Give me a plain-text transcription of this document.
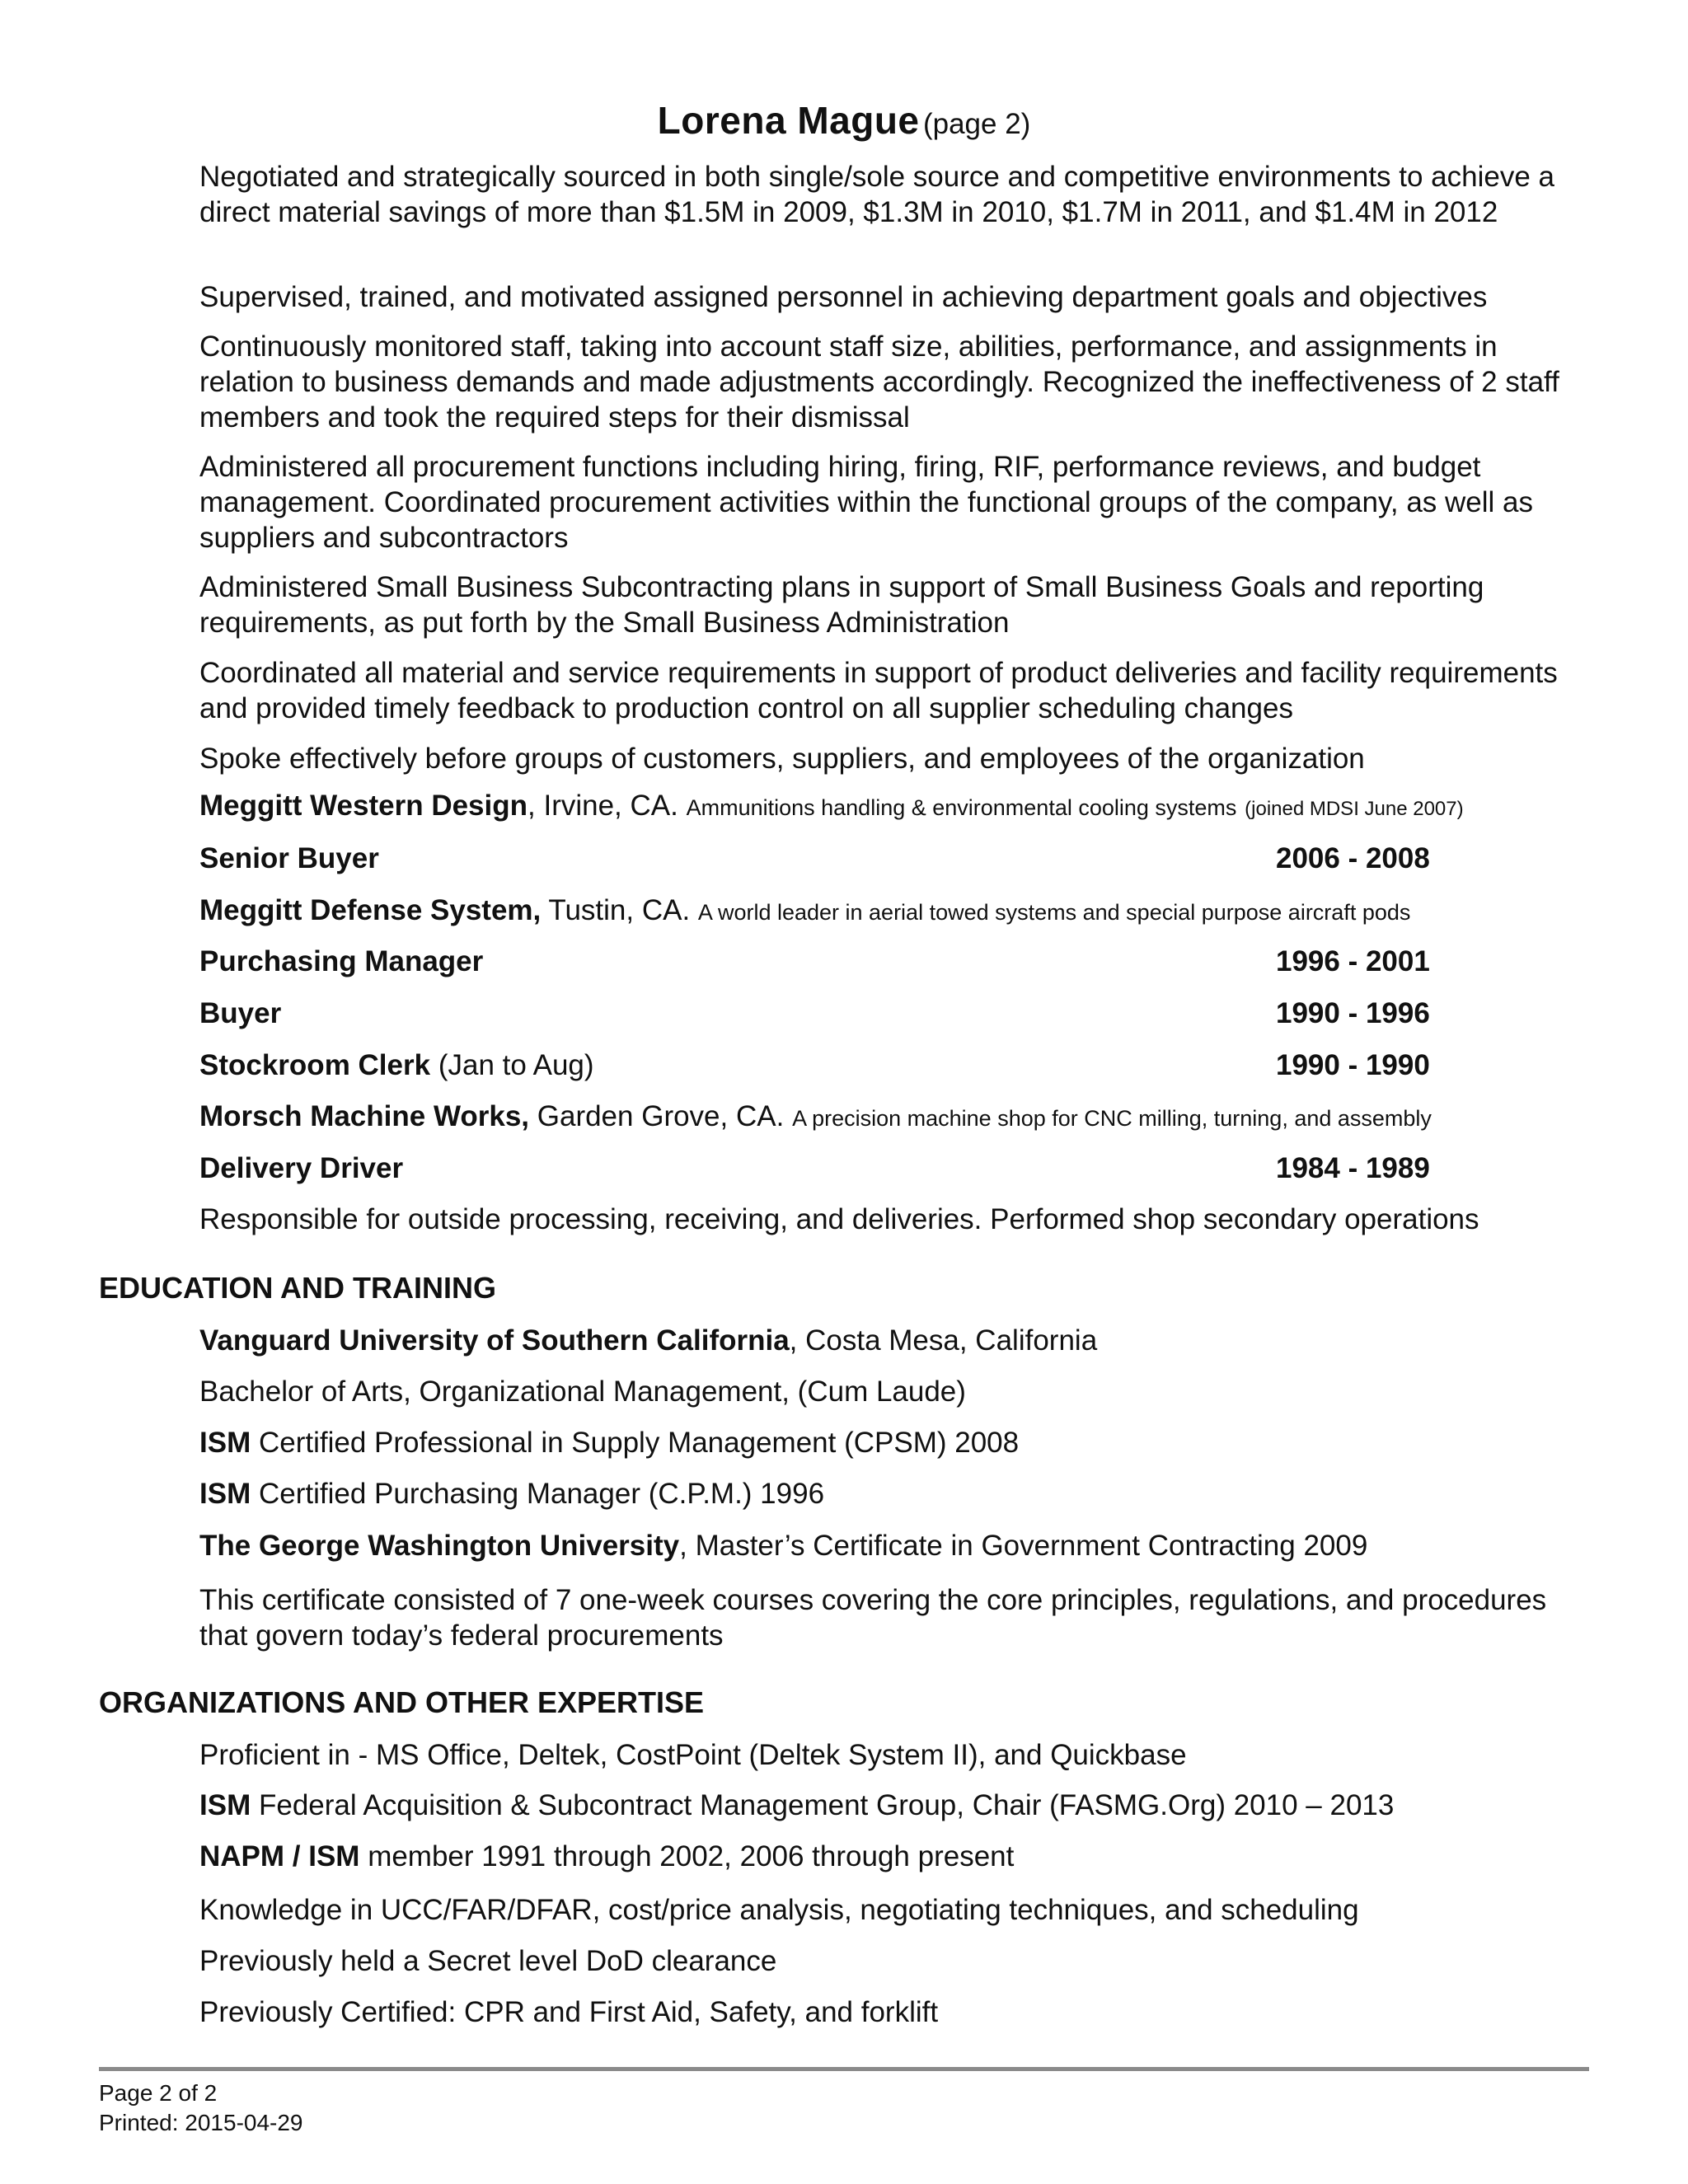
Lorena Mague (page 2)

Negotiated and strategically sourced in both single/sole source and competitive environments to achieve a direct material savings of more than $1.5M in 2009, $1.3M in 2010, $1.7M in 2011, and $1.4M in 2012

Supervised, trained, and motivated assigned personnel in achieving department goals and objectives

Continuously monitored staff, taking into account staff size, abilities, performance, and assignments in relation to business demands and made adjustments accordingly. Recognized the ineffectiveness of 2 staff members and took the required steps for their dismissal

Administered all procurement functions including hiring, firing, RIF, performance reviews, and budget management. Coordinated procurement activities within the functional groups of the company, as well as suppliers and subcontractors

Administered Small Business Subcontracting plans in support of Small Business Goals and reporting requirements, as put forth by the Small Business Administration

Coordinated all material and service requirements in support of product deliveries and facility requirements and provided timely feedback to production control on all supplier scheduling changes

Spoke effectively before groups of customers, suppliers, and employees of the organization

Meggitt Western Design, Irvine, CA. Ammunitions handling & environmental cooling systems (joined MDSI June 2007)
Senior Buyer	2006 - 2008
Meggitt Defense System, Tustin, CA. A world leader in aerial towed systems and special purpose aircraft pods
Purchasing Manager	1996 - 2001
Buyer	1990 - 1996
Stockroom Clerk (Jan to Aug)	1990 - 1990
Morsch Machine Works, Garden Grove, CA. A precision machine shop for CNC milling, turning, and assembly
Delivery Driver	1984 - 1989
Responsible for outside processing, receiving, and deliveries. Performed shop secondary operations
EDUCATION AND TRAINING
Vanguard University of Southern California, Costa Mesa, California
Bachelor of Arts, Organizational Management, (Cum Laude)
ISM Certified Professional in Supply Management (CPSM) 2008
ISM Certified Purchasing Manager (C.P.M.) 1996
The George Washington University, Master’s Certificate in Government Contracting 2009

This certificate consisted of 7 one-week courses covering the core principles, regulations, and procedures that govern today’s federal procurements

ORGANIZATIONS AND OTHER EXPERTISE
Proficient in - MS Office, Deltek, CostPoint (Deltek System II), and Quickbase
ISM Federal Acquisition & Subcontract Management Group, Chair (FASMG.Org) 2010 – 2013
NAPM / ISM member 1991 through 2002, 2006 through present
Knowledge in UCC/FAR/DFAR, cost/price analysis, negotiating techniques, and scheduling
Previously held a Secret level DoD clearance
Previously Certified: CPR and First Aid, Safety, and forklift
Page 2 of 2
Printed: 2015-04-29
